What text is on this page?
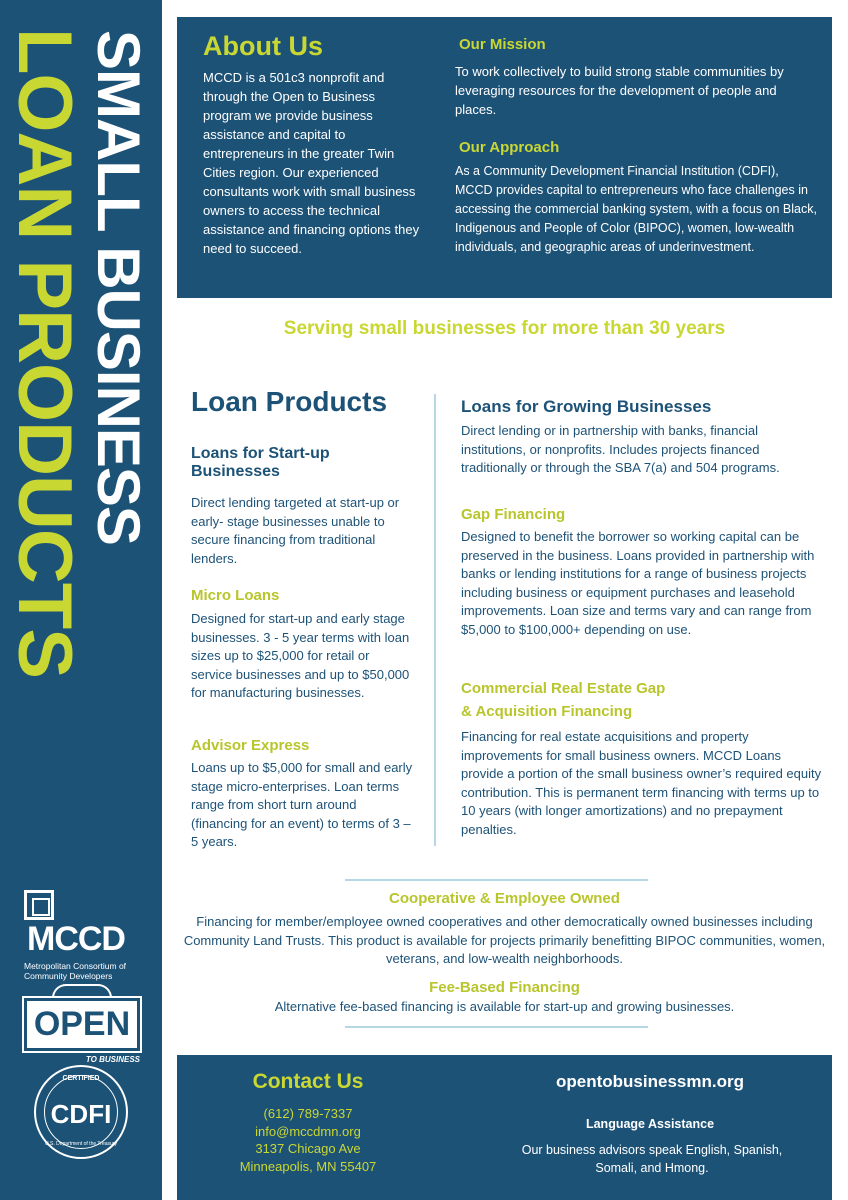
SMALL BUSINESS
LOAN PRODUCTS
MCCD
Metropolitan Consortium of Community Developers
OPEN
TO BUSINESS
CERTIFIED
CDFI
U.S. Department of the Treasury
About Us
MCCD is a 501c3 nonprofit and through the Open to Business program we provide business assistance and capital to entrepreneurs in the greater Twin Cities region. Our experienced consultants work with small business owners to access the technical assistance and financing options they need to succeed.
Our Mission
To work collectively to build strong stable communities by leveraging resources for the development of people and places.
Our Approach
As a Community Development Financial Institution (CDFI), MCCD provides capital to entrepreneurs who face challenges in accessing the commercial banking system, with a focus on Black, Indigenous and People of Color (BIPOC), women, low-wealth individuals, and geographic areas of underinvestment.
Serving small businesses for more than 30 years
Loan Products
Loans for Start-up Businesses
Direct lending targeted at start-up or early- stage businesses unable to secure financing from traditional lenders.
Micro Loans
Designed for start-up and early stage businesses. 3 - 5 year terms with loan sizes up to $25,000 for retail or service businesses and up to $50,000 for manufacturing businesses.
Advisor Express
Loans up to $5,000 for small and early stage micro-enterprises. Loan terms range from short turn around (financing for an event) to terms of 3 – 5 years.
Loans for Growing Businesses
Direct lending or in partnership with banks, financial institutions, or nonprofits. Includes projects financed traditionally or through the SBA 7(a) and 504 programs.
Gap Financing
Designed to benefit the borrower so working capital can be preserved in the business. Loans provided in partnership with banks or lending institutions for a range of business projects including business or equipment purchases and leasehold improvements. Loan size and terms vary and can range from $5,000 to $100,000+ depending on use.
Commercial Real Estate Gap
& Acquisition Financing
Financing for real estate acquisitions and property improvements for small business owners. MCCD Loans provide a portion of the small business owner’s required equity contribution. This is permanent term financing with terms up to 10 years (with longer amortizations) and no prepayment penalties.
Cooperative & Employee Owned
Financing for member/employee owned cooperatives and other democratically owned businesses including Community Land Trusts. This product is available for projects primarily benefitting BIPOC communities, women, veterans, and low-wealth neighborhoods.
Fee-Based Financing
Alternative fee-based financing is available for start-up and growing businesses.
Contact Us
(612) 789-7337
info@mccdmn.org
3137 Chicago Ave
Minneapolis, MN 55407
opentobusinessmn.org
Language Assistance
Our business advisors speak English, Spanish, Somali, and Hmong.
